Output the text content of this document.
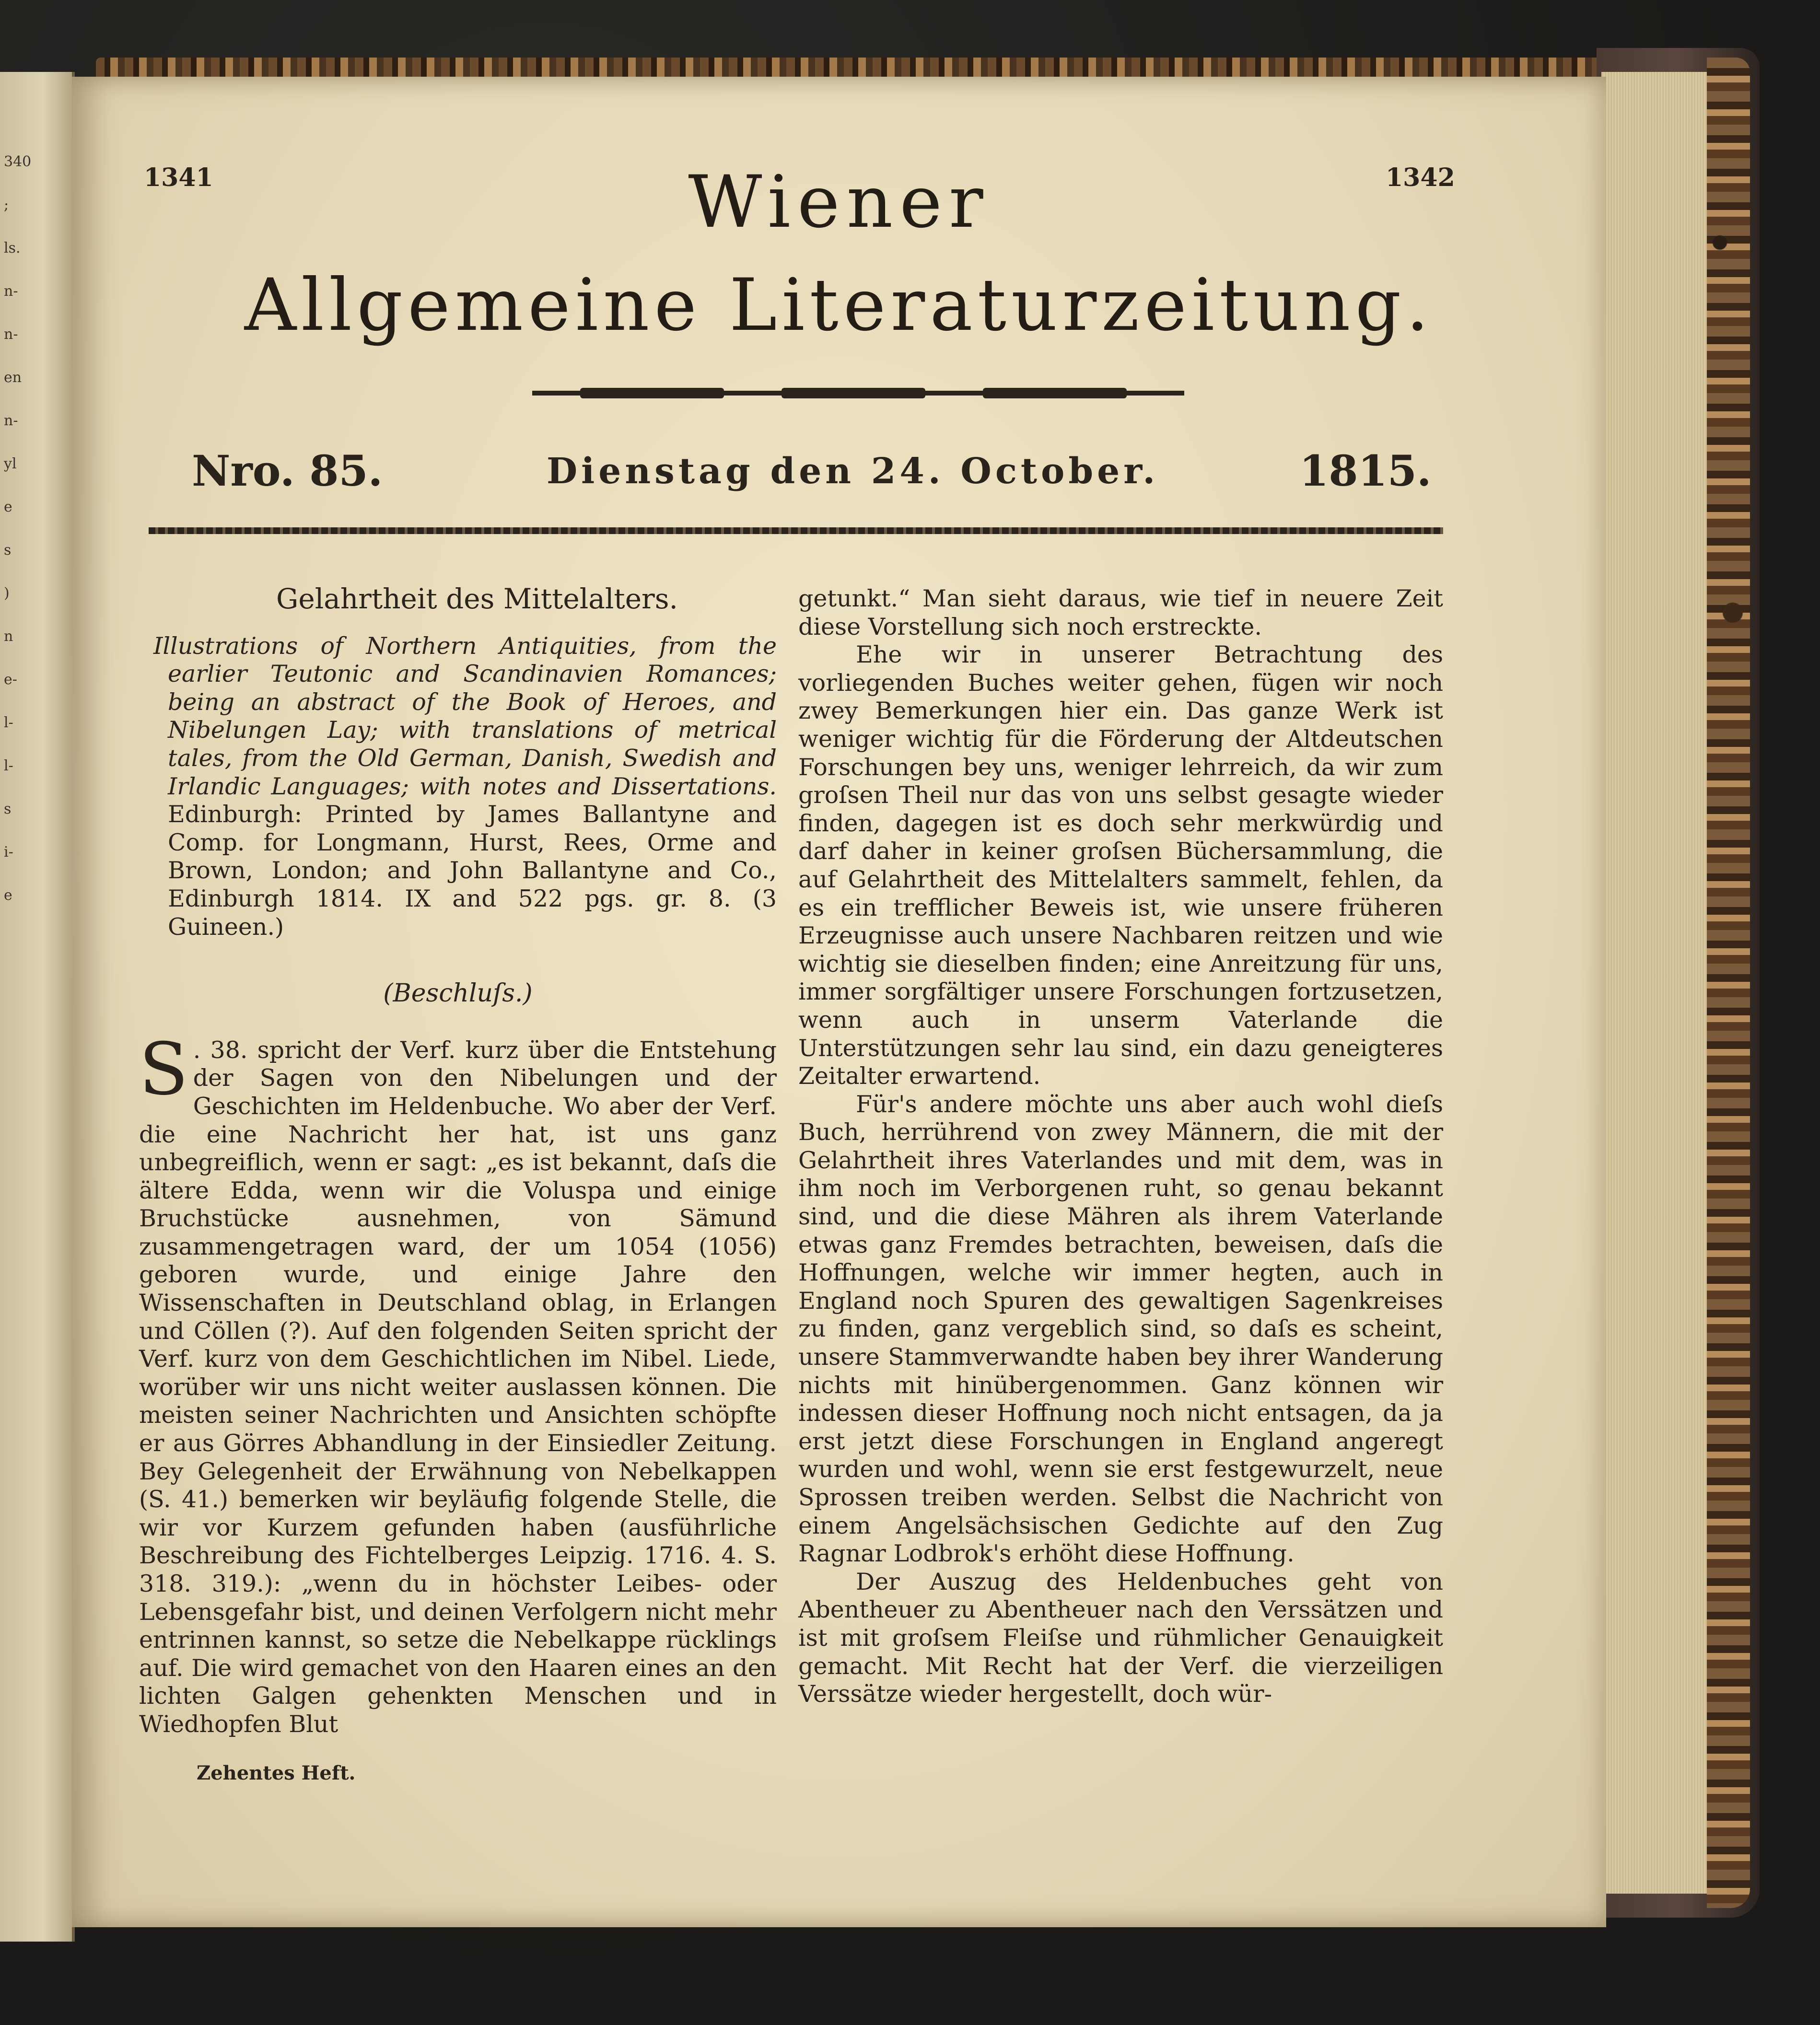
340
;
ls.
n-
n-
en
n-
yl
e
s
)
n
e-
l-
l-
s
i-
e
1341	1342
Wiener
Allgemeine Literaturzeitung.
Nro. 85.	Dienstag den 24. October.	1815.
Gelahrtheit des Mittelalters.

Illustrations of Northern Antiquities, from the earlier Teutonic and Scandinavien Romances; being an abstract of the Book of Heroes, and Nibelungen Lay; with translations of metrical tales, from the Old German, Danish, Swedish and Irlandic Languages; with notes and Dissertations. Edinburgh: Printed by James Ballantyne and Comp. for Longmann, Hurst, Rees, Orme and Brown, London; and John Ballantyne and Co., Edinburgh 1814. IX and 522 pgs. gr. 8. (3 Guineen.)

(Beschluſs.)

S . 38. spricht der Verf. kurz über die Entstehung der Sagen von den Nibelungen und der Geschichten im Heldenbuche. Wo aber der Verf. die eine Nachricht her hat, ist uns ganz unbegreiflich, wenn er sagt: „es ist bekannt, daſs die ältere Edda, wenn wir die Voluspa und einige Bruchstücke ausnehmen, von Sämund zusammengetragen ward, der um 1054 (1056) geboren wurde, und einige Jahre den Wissenschaften in Deutschland oblag, in Erlangen und Cöllen (?). Auf den folgenden Seiten spricht der Verf. kurz von dem Geschichtlichen im Nibel. Liede, worüber wir uns nicht weiter auslassen können. Die meisten seiner Nachrichten und Ansichten schöpfte er aus Görres Abhandlung in der Einsiedler Zeitung. Bey Gelegenheit der Erwähnung von Nebelkappen (S. 41.) bemerken wir beyläufig folgende Stelle, die wir vor Kurzem gefunden haben (ausführliche Beschreibung des Fichtelberges Leipzig. 1716. 4. S. 318. 319.): „wenn du in höchster Leibes- oder Lebensgefahr bist, und deinen Verfolgern nicht mehr entrinnen kannst, so setze die Nebelkappe rücklings auf. Die wird gemachet von den Haaren eines an den lichten Galgen gehenkten Menschen und in Wiedhopfen Blut

getunkt.“ Man sieht daraus, wie tief in neuere Zeit diese Vorstellung sich noch erstreckte.

Ehe wir in unserer Betrachtung des vorliegenden Buches weiter gehen, fügen wir noch zwey Bemerkungen hier ein. Das ganze Werk ist weniger wichtig für die Förderung der Altdeutschen Forschungen bey uns, weniger lehrreich, da wir zum groſsen Theil nur das von uns selbst gesagte wieder finden, dagegen ist es doch sehr merkwürdig und darf daher in keiner groſsen Büchersammlung, die auf Gelahrtheit des Mittelalters sammelt, fehlen, da es ein trefflicher Beweis ist, wie unsere früheren Erzeugnisse auch unsere Nachbaren reitzen und wie wichtig sie dieselben finden; eine Anreitzung für uns, immer sorgfältiger unsere Forschungen fortzusetzen, wenn auch in unserm Vaterlande die Unterstützungen sehr lau sind, ein dazu geneigteres Zeitalter erwartend.

Für's andere möchte uns aber auch wohl dieſs Buch, herrührend von zwey Männern, die mit der Gelahrtheit ihres Vaterlandes und mit dem, was in ihm noch im Verborgenen ruht, so genau bekannt sind, und die diese Mähren als ihrem Vaterlande etwas ganz Fremdes betrachten, beweisen, daſs die Hoffnungen, welche wir immer hegten, auch in England noch Spuren des gewaltigen Sagenkreises zu finden, ganz vergeblich sind, so daſs es scheint, unsere Stammverwandte haben bey ihrer Wanderung nichts mit hinübergenommen. Ganz können wir indessen dieser Hoffnung noch nicht entsagen, da ja erst jetzt diese Forschungen in England angeregt wurden und wohl, wenn sie erst festgewurzelt, neue Sprossen treiben werden. Selbst die Nachricht von einem Angelsächsischen Gedichte auf den Zug Ragnar Lodbrok's erhöht diese Hoffnung.

Der Auszug des Heldenbuches geht von Abentheuer zu Abentheuer nach den Verssätzen und ist mit groſsem Fleiſse und rühmlicher Genauigkeit gemacht. Mit Recht hat der Verf. die vierzeiligen Verssätze wieder hergestellt, doch wür-

Zehentes Heft.
